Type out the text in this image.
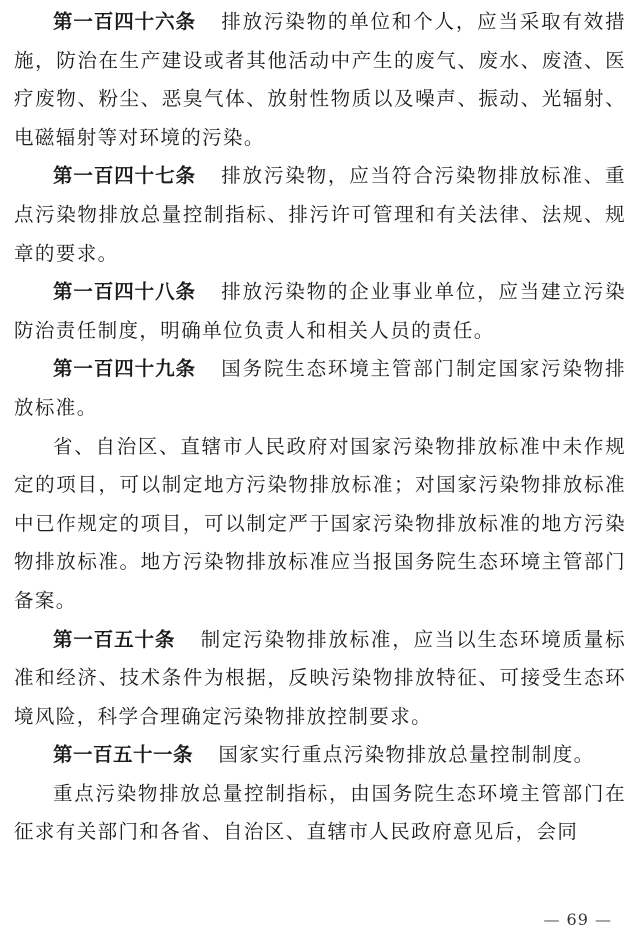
第一百四十六条 排放污染物的单位和个人，应当采取有效措施，防治在生产建设或者其他活动中产生的废气、废水、废渣、医疗废物、粉尘、恶臭气体、放射性物质以及噪声、振动、光辐射、电磁辐射等对环境的污染。

第一百四十七条 排放污染物，应当符合污染物排放标准、重点污染物排放总量控制指标、排污许可管理和有关法律、法规、规章的要求。

第一百四十八条 排放污染物的企业事业单位，应当建立污染防治责任制度，明确单位负责人和相关人员的责任。

第一百四十九条 国务院生态环境主管部门制定国家污染物排放标准。

省、自治区、直辖市人民政府对国家污染物排放标准中未作规定的项目，可以制定地方污染物排放标准；对国家污染物排放标准中已作规定的项目，可以制定严于国家污染物排放标准的地方污染物排放标准。地方污染物排放标准应当报国务院生态环境主管部门备案。

第一百五十条 制定污染物排放标准，应当以生态环境质量标准和经济、技术条件为根据，反映污染物排放特征、可接受生态环境风险，科学合理确定污染物排放控制要求。

第一百五十一条 国家实行重点污染物排放总量控制制度。

重点污染物排放总量控制指标，由国务院生态环境主管部门在征求有关部门和各省、自治区、直辖市人民政府意见后，会同

— 69 —
